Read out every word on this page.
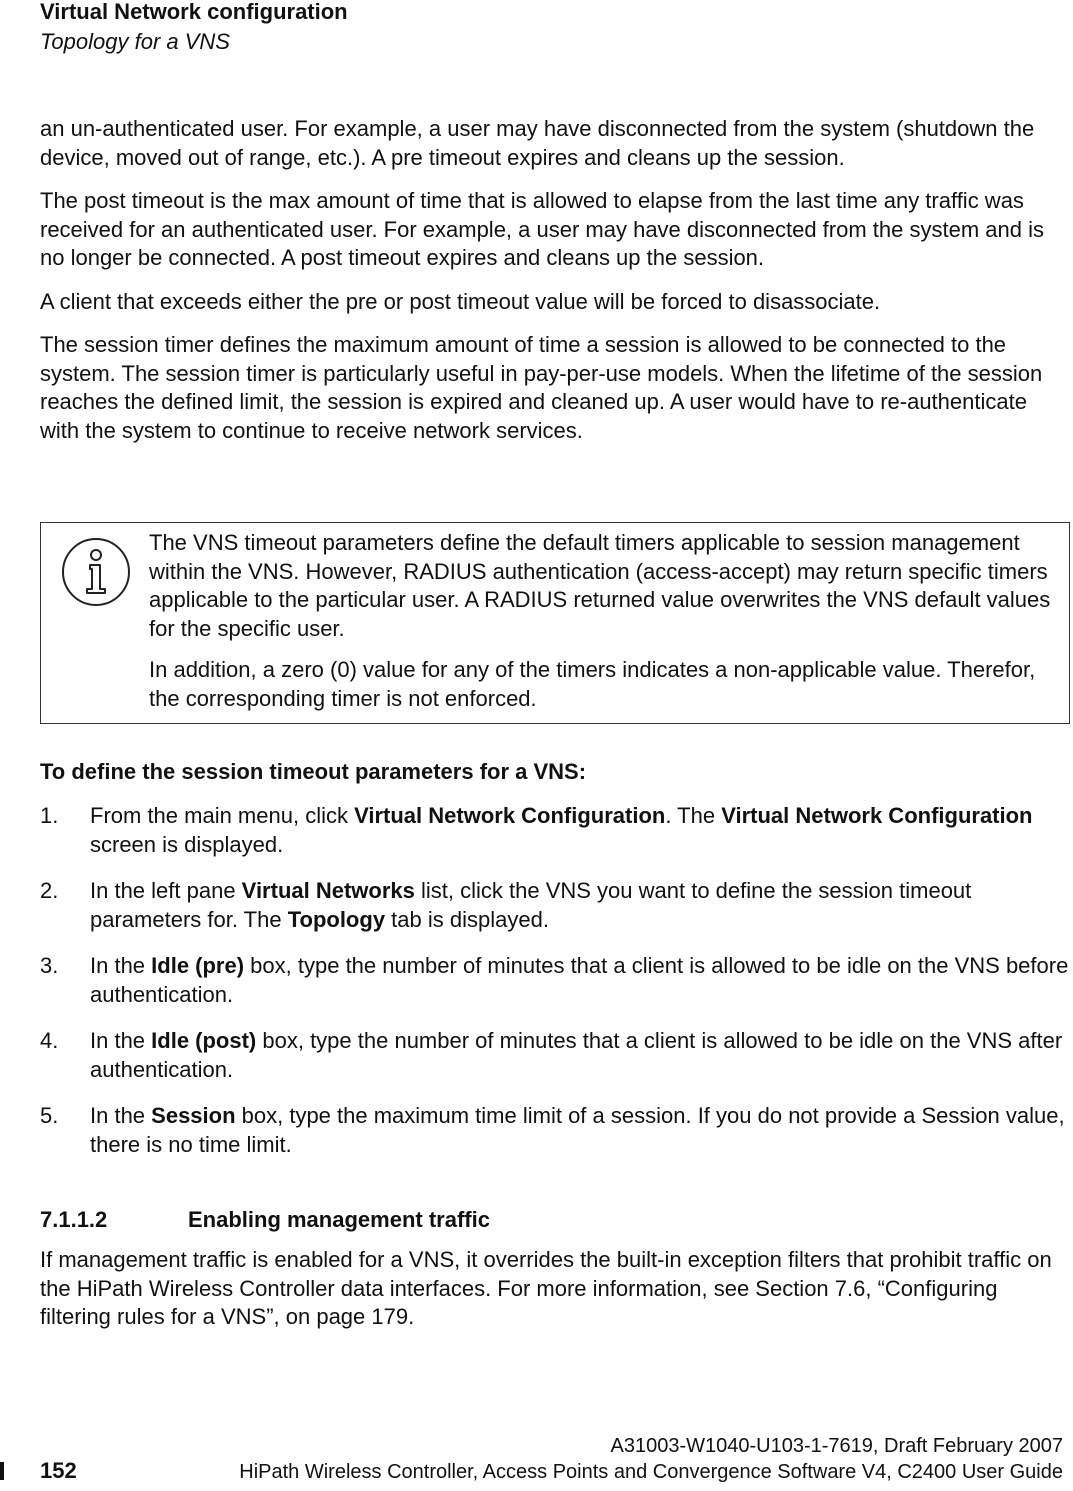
Virtual Network configuration
Topology for a VNS

an un-authenticated user. For example, a user may have disconnected from the system (shutdown the device, moved out of range, etc.). A pre timeout expires and cleans up the session.

The post timeout is the max amount of time that is allowed to elapse from the last time any traffic was received for an authenticated user. For example, a user may have disconnected from the system and is no longer be connected. A post timeout expires and cleans up the session.

A client that exceeds either the pre or post timeout value will be forced to disassociate.

The session timer defines the maximum amount of time a session is allowed to be connected to the system. The session timer is particularly useful in pay-per-use models. When the lifetime of the session reaches the defined limit, the session is expired and cleaned up. A user would have to re-authenticate with the system to continue to receive network services.

The VNS timeout parameters define the default timers applicable to session management within the VNS. However, RADIUS authentication (access-accept) may return specific timers applicable to the particular user. A RADIUS returned value overwrites the VNS default values for the specific user.

In addition, a zero (0) value for any of the timers indicates a non-applicable value. Therefor, the corresponding timer is not enforced.

To define the session timeout parameters for a VNS:
1. From the main menu, click Virtual Network Configuration. The Virtual Network Configuration screen is displayed.
2. In the left pane Virtual Networks list, click the VNS you want to define the session timeout parameters for. The Topology tab is displayed.
3. In the Idle (pre) box, type the number of minutes that a client is allowed to be idle on the VNS before authentication.
4. In the Idle (post) box, type the number of minutes that a client is allowed to be idle on the VNS after authentication.
5. In the Session box, type the maximum time limit of a session. If you do not provide a Session value, there is no time limit.
7.1.1.2	Enabling management traffic

If management traffic is enabled for a VNS, it overrides the built-in exception filters that prohibit traffic on the HiPath Wireless Controller data interfaces. For more information, see Section 7.6, “Configuring filtering rules for a VNS”, on page 179.

152
A31003-W1040-U103-1-7619, Draft February 2007
HiPath Wireless Controller, Access Points and Convergence Software V4, C2400 User Guide
